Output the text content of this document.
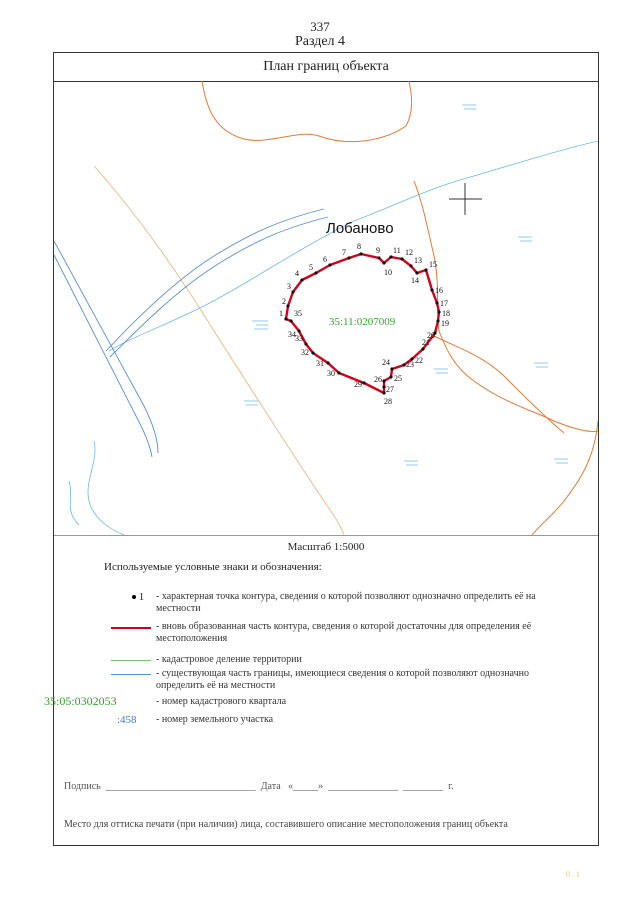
337
Раздел 4
План границ объекта
Лобаново
35:11:0207009
1
2
3
4
5
6
7
8 9
10
11 12
13
14
15
16
17
18
19
20
21
22
23
24
25
26
27
28
29
30
31
32
33
34
35
Масштаб 1:5000
Используемые условные знаки и обозначения:
1 - характерная точка контура, сведения о которой позволяют однозначно определить её на местности
- вновь образованная часть контура, сведения о которой достаточны для определения её местоположения
- кадастровое деление территории
- существующая часть границы, имеющиеся сведения о которой позволяют однозначно определить её на местности
35:05:0302053	- номер кадастрового квартала
:458 - номер земельного участка
Подпись  ______________________________  Дата   «_____»  ______________  ________  г.
Место для оттиска печати (при наличии) лица, составившего описание местоположения границ объекта
0.1
